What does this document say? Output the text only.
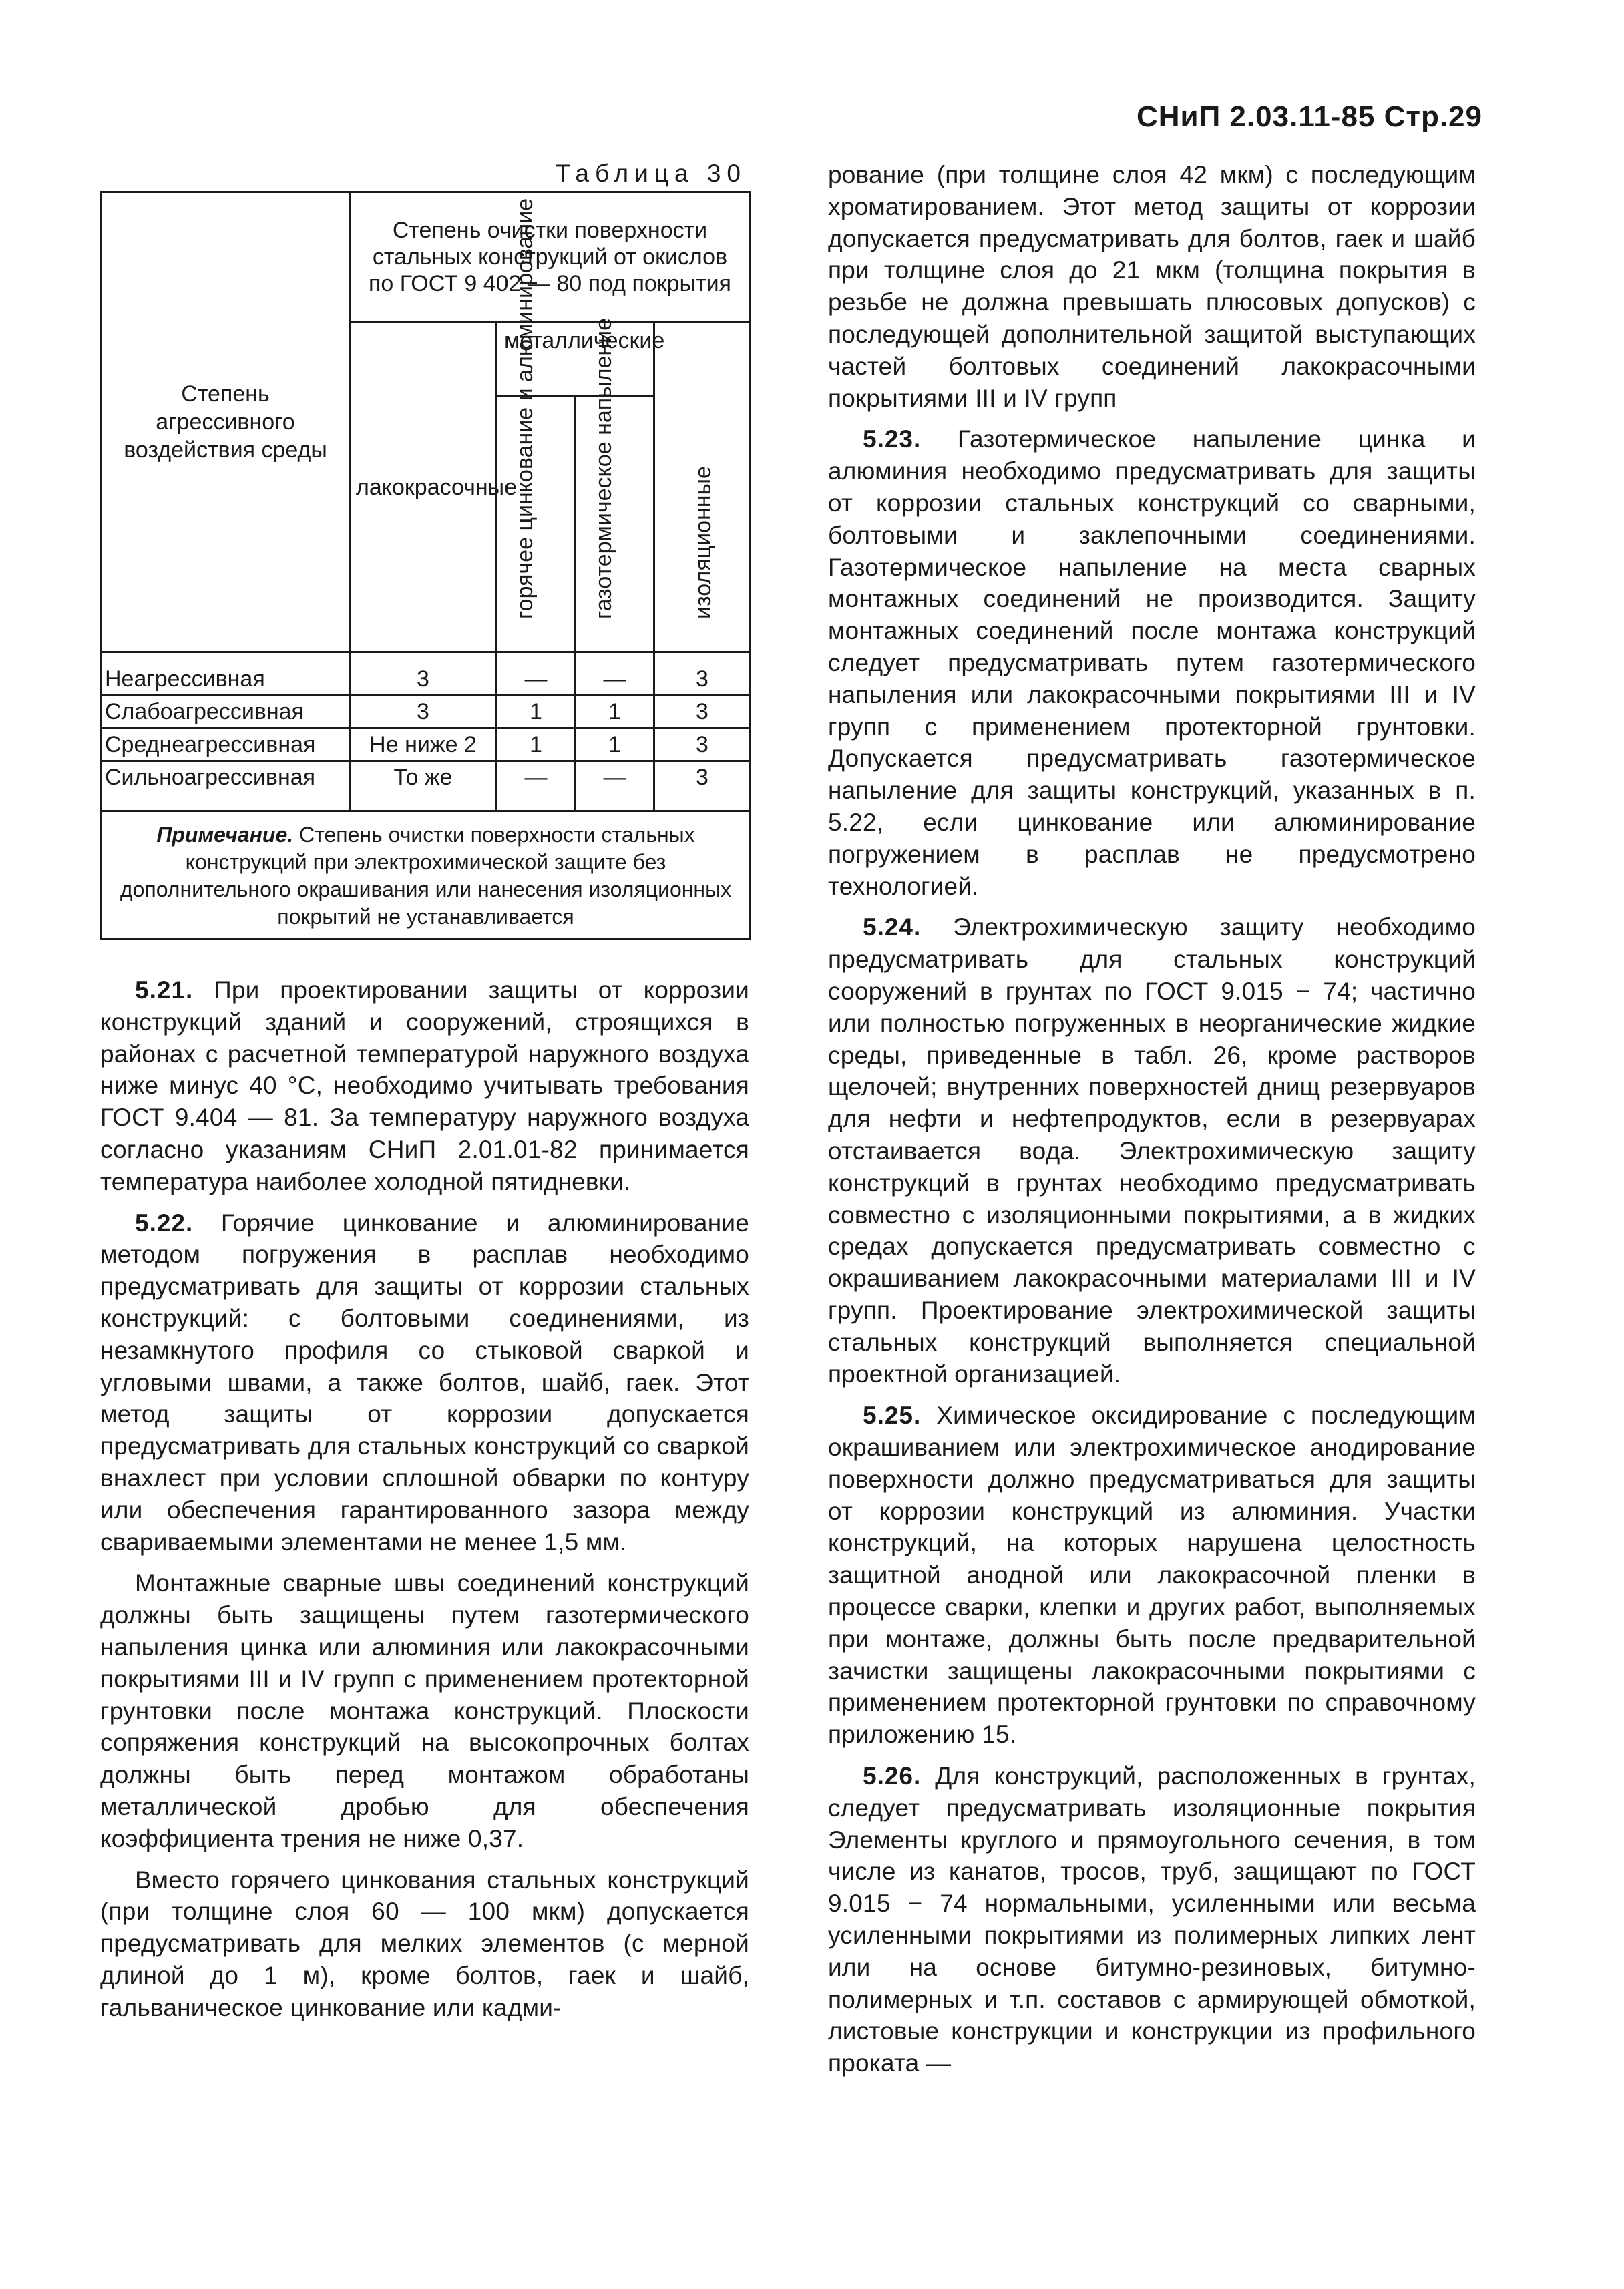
СНиП 2.03.11-85 Стр.29
Таблица 30
Степень агрессивного воздействия среды	Степень очистки поверхности стальных конструкций от окислов по ГОСТ 9 402 — 80 под покрытия			
	лакокрасочные	металлические		изоляционные

		горячее цинкование и алюминирование	газотермическое напыление	

Неагрессивная	3	—	—	3
Слабоагрессивная	3	1	1	3
Среднеагрессивная	Не ниже 2	1	1	3
Сильноагрессивная	То же	—	—	3
Примечание. Степень очистки поверхности стальных конструкций при электрохимической защите без дополнительного окрашивания или нанесения изоляционных покрытий не устанавливается				

5.21. При проектировании защиты от коррозии конструкций зданий и сооружений, строящихся в районах с расчетной температурой наружного воздуха ниже минус 40 °С, необходимо учитывать требования ГОСТ 9.404 — 81. За температуру наружного воздуха согласно указаниям СНиП 2.01.01-82 принимается температура наиболее холодной пятидневки.

5.22. Горячие цинкование и алюминирование методом погружения в расплав необходимо предусматривать для защиты от коррозии стальных конструкций: с болтовыми соединениями, из незамкнутого профиля со стыковой сваркой и угловыми швами, а также болтов, шайб, гаек. Этот метод защиты от коррозии допускается предусматривать для стальных конструкций со сваркой внахлест при условии сплошной обварки по контуру или обеспечения гарантированного зазора между свариваемыми элементами не менее 1,5 мм.

Монтажные сварные швы соединений конструкций должны быть защищены путем газотермического напыления цинка или алюминия или лакокрасочными покрытиями III и IV групп с применением протекторной грунтовки после монтажа конструкций. Плоскости сопряжения конструкций на высокопрочных болтах должны быть перед монтажом обработаны металлической дробью для обеспечения коэффициента трения не ниже 0,37.

Вместо горячего цинкования стальных конструкций (при толщине слоя 60 — 100 мкм) допускается предусматривать для мелких элементов (с мерной длиной до 1 м), кроме болтов, гаек и шайб, гальваническое цинкование или кадми-

рование (при толщине слоя 42 мкм) с последующим хроматированием. Этот метод защиты от коррозии допускается предусматривать для болтов, гаек и шайб при толщине слоя до 21 мкм (толщина покрытия в резьбе не должна превышать плюсовых допусков) с последующей дополнительной защитой выступающих частей болтовых соединений лакокрасочными покрытиями III и IV групп

5.23. Газотермическое напыление цинка и алюминия необходимо предусматривать для защиты от коррозии стальных конструкций со сварными, болтовыми и заклепочными соединениями. Газотермическое напыление на места сварных монтажных соединений не производится. Защиту монтажных соединений после монтажа конструкций следует предусматривать путем газотермического напыления или лакокрасочными покрытиями III и IV групп с применением протекторной грунтовки. Допускается предусматривать газотермическое напыление для защиты конструкций, указанных в п. 5.22, если цинкование или алюминирование погружением в расплав не предусмотрено технологией.

5.24. Электрохимическую защиту необходимо предусматривать для стальных конструкций сооружений в грунтах по ГОСТ 9.015 − 74; частично или полностью погруженных в неорганические жидкие среды, приведенные в табл. 26, кроме растворов щелочей; внутренних поверхностей днищ резервуаров для нефти и нефтепродуктов, если в резервуарах отстаивается вода. Электрохимическую защиту конструкций в грунтах необходимо предусматривать совместно с изоляционными покрытиями, а в жидких средах допускается предусматривать совместно с окрашиванием лакокрасочными материалами III и IV групп. Проектирование электрохимической защиты стальных конструкций выполняется специальной проектной организацией.

5.25. Химическое оксидирование с последующим окрашиванием или электрохимическое анодирование поверхности должно предусматриваться для защиты от коррозии конструкций из алюминия. Участки конструкций, на которых нарушена целостность защитной анодной или лакокрасочной пленки в процессе сварки, клепки и других работ, выполняемых при монтаже, должны быть после предварительной зачистки защищены лакокрасочными покрытиями с применением протекторной грунтовки по справочному приложению 15.

5.26. Для конструкций, расположенных в грунтах, следует предусматривать изоляционные покрытия Элементы круглого и прямоугольного сечения, в том числе из канатов, тросов, труб, защищают по ГОСТ 9.015 − 74 нормальными, усиленными или весьма усиленными покрытиями из полимерных липких лент или на основе битумно-резиновых, битумно-полимерных и т.п. составов с армирующей обмоткой, листовые конструкции и конструкции из профильного проката —
